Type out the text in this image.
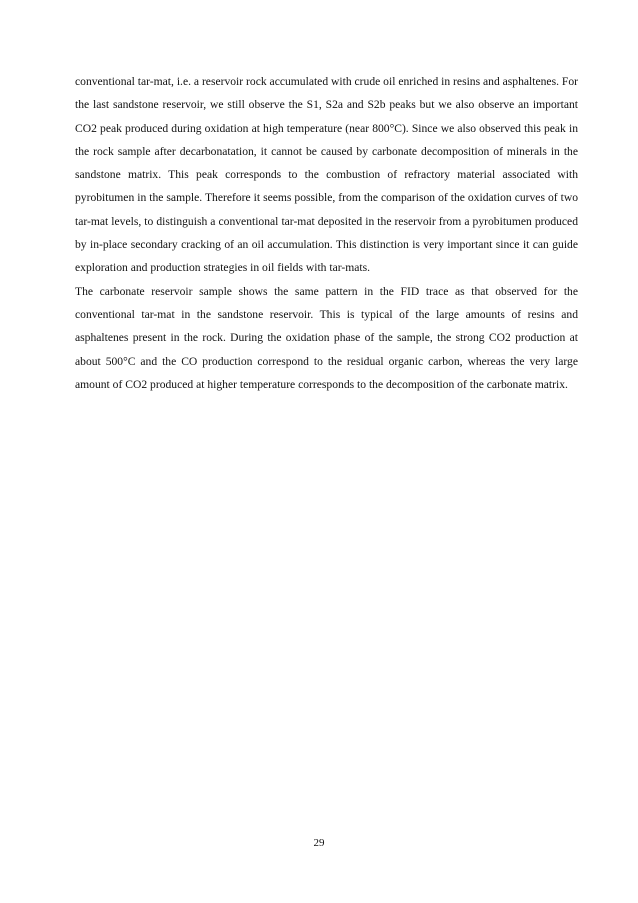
conventional tar-mat, i.e. a reservoir rock accumulated with crude oil enriched in resins and asphaltenes. For the last sandstone reservoir, we still observe the S1, S2a and S2b peaks but we also observe an important CO2 peak produced during oxidation at high temperature (near 800°C). Since we also observed this peak in the rock sample after decarbonatation, it cannot be caused by carbonate decomposition of minerals in the sandstone matrix. This peak corresponds to the combustion of refractory material associated with pyrobitumen in the sample. Therefore it seems possible, from the comparison of the oxidation curves of two tar-mat levels, to distinguish a conventional tar-mat deposited in the reservoir from a pyrobitumen produced by in-place secondary cracking of an oil accumulation. This distinction is very important since it can guide exploration and production strategies in oil fields with tar-mats.

The carbonate reservoir sample shows the same pattern in the FID trace as that observed for the conventional tar-mat in the sandstone reservoir. This is typical of the large amounts of resins and asphaltenes present in the rock. During the oxidation phase of the sample, the strong CO2 production at about 500°C and the CO production correspond to the residual organic carbon, whereas the very large amount of CO2 produced at higher temperature corresponds to the decomposition of the carbonate matrix.

29
